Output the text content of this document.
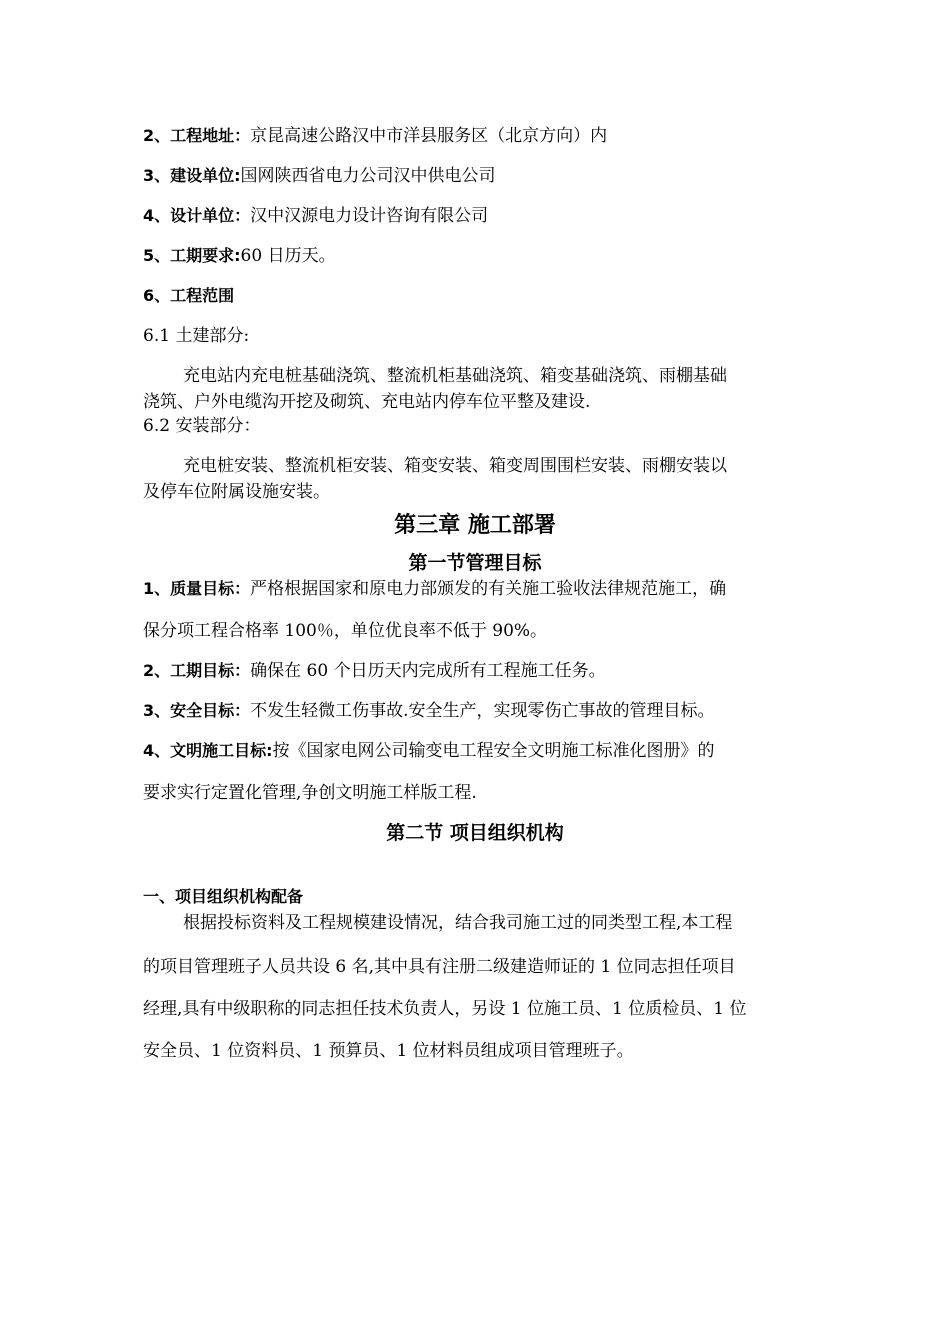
2、工程地址：京昆高速公路汉中市洋县服务区（北京方向）内
3、建设单位:国网陕西省电力公司汉中供电公司
4、设计单位：汉中汉源电力设计咨询有限公司
5、工期要求:60 日历天。
6、工程范围
6.1 土建部分:
充电站内充电桩基础浇筑、整流机柜基础浇筑、箱变基础浇筑、雨棚基础
浇筑、户外电缆沟开挖及砌筑、充电站内停车位平整及建设.
6.2 安装部分：
充电桩安装、整流机柜安装、箱变安装、箱变周围围栏安装、雨棚安装以
及停车位附属设施安装。
第三章 施工部署
第一节管理目标
1、质量目标：严格根据国家和原电力部颁发的有关施工验收法律规范施工，确
保分项工程合格率 100％，单位优良率不低于 90%。
2、工期目标：确保在 60 个日历天内完成所有工程施工任务。
3、安全目标：不发生轻微工伤事故.安全生产，实现零伤亡事故的管理目标。
4、文明施工目标:按《国家电网公司输变电工程安全文明施工标准化图册》的
要求实行定置化管理,争创文明施工样版工程.
第二节 项目组织机构
一、项目组织机构配备
根据投标资料及工程规模建设情况，结合我司施工过的同类型工程,本工程
的项目管理班子人员共设 6 名,其中具有注册二级建造师证的 1 位同志担任项目
经理,具有中级职称的同志担任技术负责人，另设 1 位施工员、1 位质检员、1 位
安全员、1 位资料员、1 预算员、1 位材料员组成项目管理班子。
